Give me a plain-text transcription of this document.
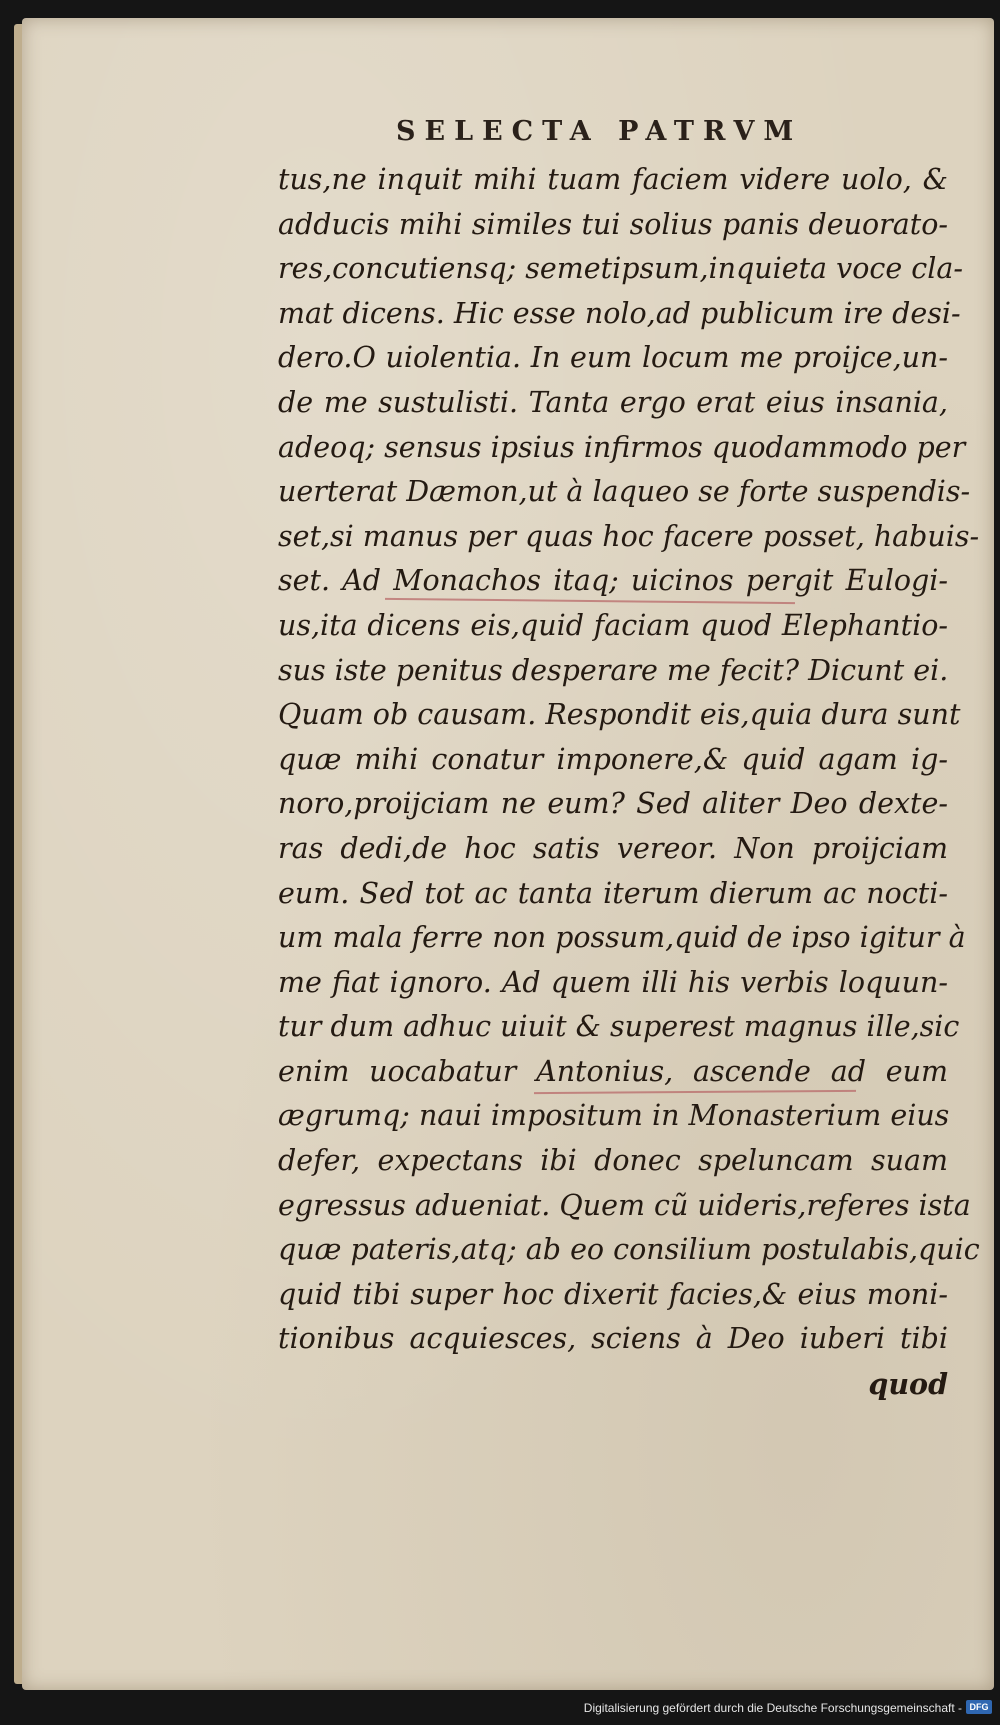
SELECTA PATRVM
tus,ne inquit mihi tuam faciem videre uolo, &
adducis mihi similes tui solius panis deuorato-
res,concutiensq; semetipsum,inquieta voce cla-
mat dicens. Hic esse nolo,ad publicum ire desi-
dero.O uiolentia. In eum locum me proijce,un-
de me sustulisti. Tanta ergo erat eius insania,
adeoq; sensus ipsius infirmos quodammodo per
uerterat Dæmon,ut à laqueo se forte suspendis-
set,si manus per quas hoc facere posset, habuis-
set. Ad Monachos itaq; uicinos pergit Eulogi-
us,ita dicens eis,quid faciam quod Elephantio-
sus iste penitus desperare me fecit? Dicunt ei.
Quam ob causam. Respondit eis,quia dura sunt
quæ mihi conatur imponere,& quid agam ig-
noro,proijciam ne eum? Sed aliter Deo dexte-
ras dedi,de hoc satis vereor. Non proijciam
eum. Sed tot ac tanta iterum dierum ac nocti-
um mala ferre non possum,quid de ipso igitur à
me fiat ignoro. Ad quem illi his verbis loquun-
tur dum adhuc uiuit & superest magnus ille,sic
enim uocabatur Antonius, ascende ad eum
ægrumq; naui impositum in Monasterium eius
defer, expectans ibi donec speluncam suam
egressus adueniat. Quem cũ uideris,referes ista
quæ pateris,atq; ab eo consilium postulabis,quic
quid tibi super hoc dixerit facies,& eius moni-
tionibus acquiesces, sciens à Deo iuberi tibi
quod
Digitalisierung gefördert durch die Deutsche Forschungsgemeinschaft - DFG
